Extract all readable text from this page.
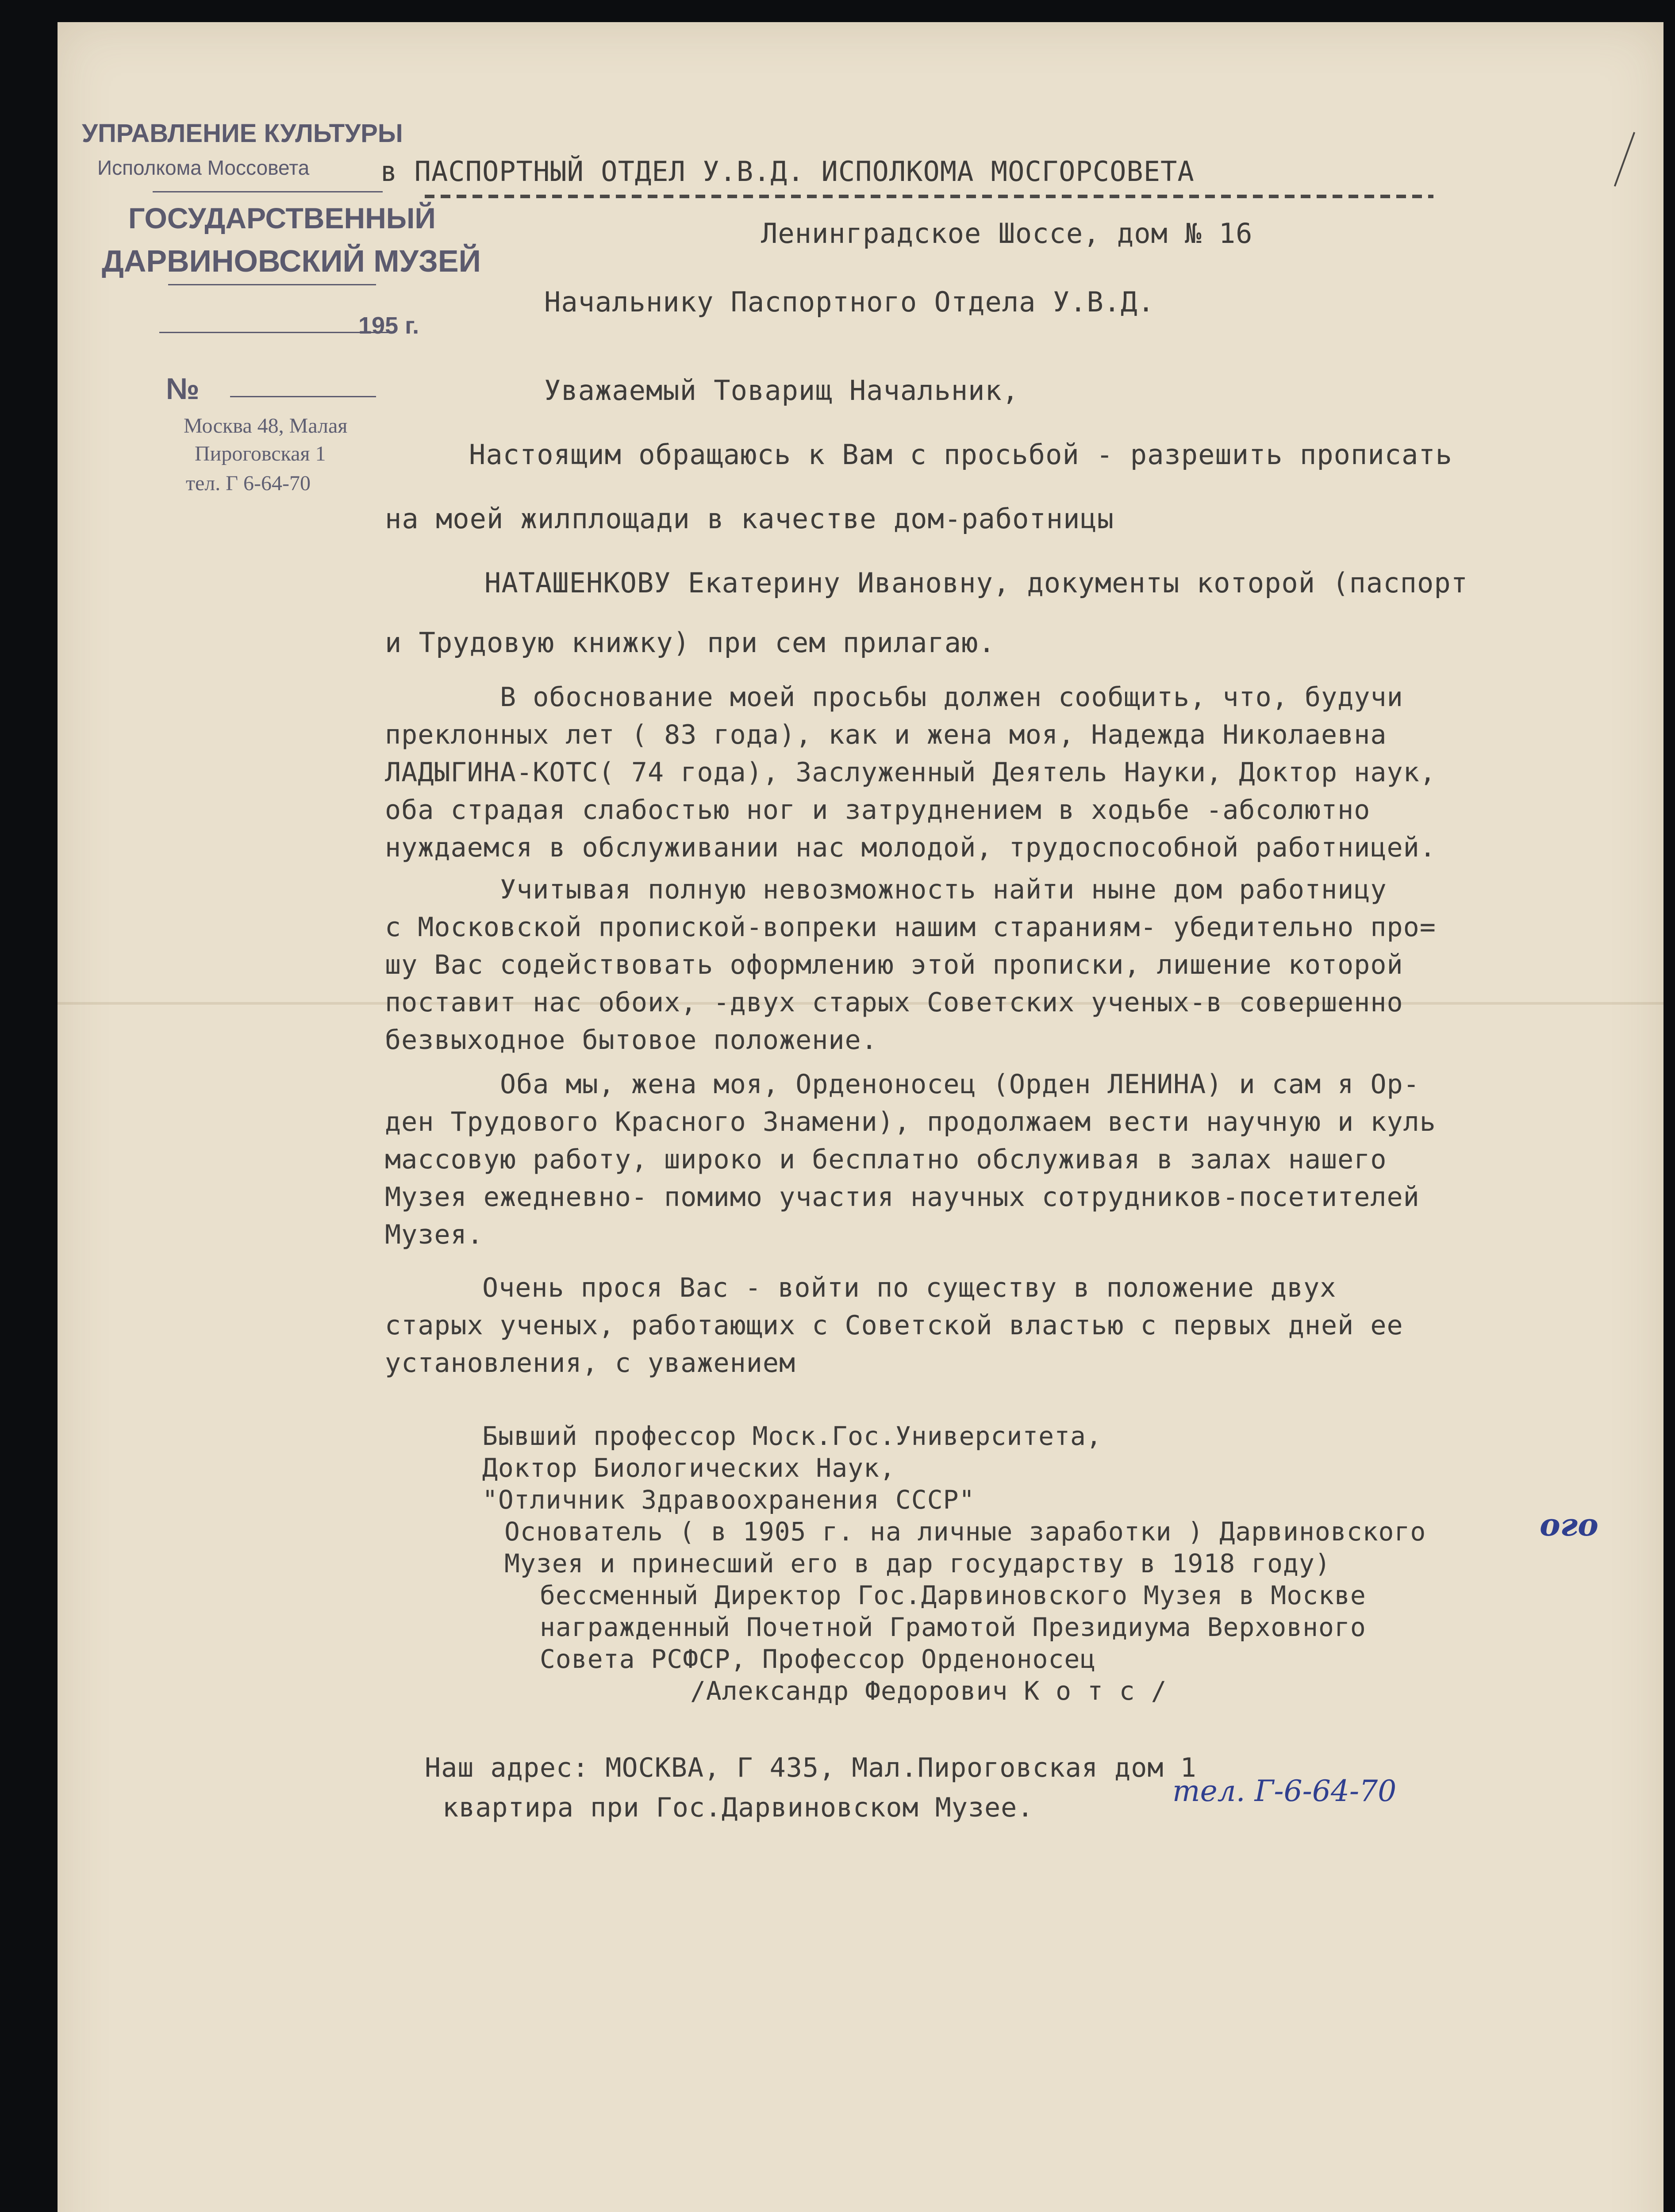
УПРАВЛЕНИЕ КУЛЬТУРЫ
Исполкома Моссовета
ГОСУДАРСТВЕННЫЙ
ДАРВИНОВСКИЙ МУЗЕЙ
195 г.
№
Москва 48, Малая
Пироговская 1
тел. Г 6-64-70

в ПАСПОРТНЫЙ ОТДЕЛ У.В.Д. ИСПОЛКОМА МОСГОРСОВЕТА

Ленинградское Шоссе, дом № 16

Начальнику Паспортного Отдела У.В.Д.

Уважаемый Товарищ Начальник,

Настоящим обращаюсь к Вам с просьбой - разрешить прописать

на моей жилплощади в качестве дом-работницы

НАТАШЕНКОВУ Екатерину Ивановну, документы которой (паспорт

и Трудовую книжку) при сем прилагаю.

В обоснование моей просьбы должен сообщить, что, будучи

преклонных лет ( 83 года), как и жена моя, Надежда Николаевна

ЛАДЫГИНА-КОТС( 74 года), Заслуженный Деятель Науки, Доктор наук,

оба страдая слабостью ног и затруднением в ходьбе -абсолютно

нуждаемся в обслуживании нас молодой, трудоспособной работницей.

Учитывая полную невозможность найти ныне дом работницу

с Московской пропиской-вопреки нашим стараниям- убедительно про=

шу Вас содействовать оформлению этой прописки, лишение которой

поставит нас обоих, -двух старых Советских ученых-в совершенно

безвыходное бытовое положение.

Оба мы, жена моя, Орденоносец (Орден ЛЕНИНА) и сам я Ор-

ден Трудового Красного Знамени), продолжаем вести научную и куль

массовую работу, широко и бесплатно обслуживая в залах нашего

Музея ежедневно- помимо участия научных сотрудников-посетителей

Музея.

Очень прося Вас - войти по существу в положение двух

старых ученых, работающих с Советской властью с первых дней ее

установления, с уважением

Бывший профессор Моск.Гос.Университета,

Доктор Биологических Наук,

"Отличник Здравоохранения СССР"

Основатель ( в 1905 г. на личные заработки ) Дарвиновского

Музея и принесший его в дар государству в 1918 году)

бессменный Директор Гос.Дарвиновского Музея в Москве

награжденный Почетной Грамотой Президиума Верховного

Совета РСФСР, Профессор Орденоносец

/Александр Федорович К о т с /

Наш адрес: МОСКВА, Г 435, Мал.Пироговская дом 1

квартира при Гос.Дарвиновском Музее.	тел. Г-6-64-70
ого
